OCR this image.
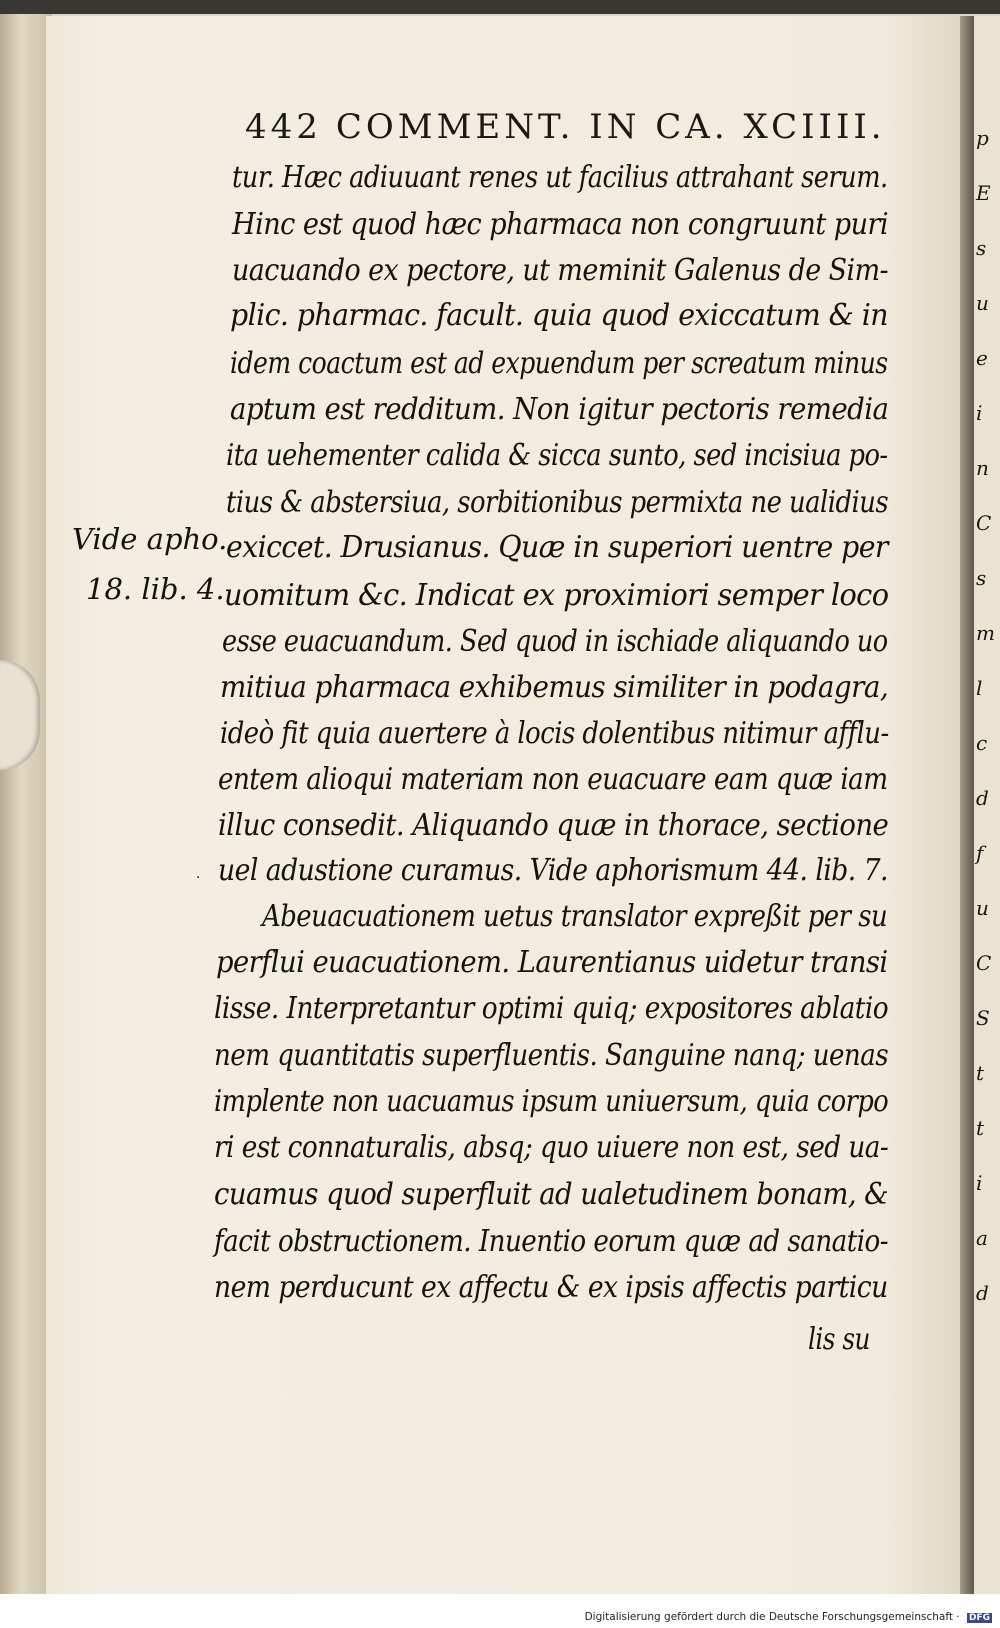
p
E
s
u
e
i
n
C
s
m
l
c
d
f
u
C
S
t
t
i
a
d
442 COMMENT. IN CA. XCIIII.
tur. Hæc adiuuant renes ut facilius attrahant serum.
Hinc est quod hæc pharmaca non congruunt puri
uacuando ex pectore, ut meminit Galenus de Sim-
plic. pharmac. facult. quia quod exiccatum & in
idem coactum est ad expuendum per screatum minus
aptum est redditum. Non igitur pectoris remedia
ita uehementer calida & sicca sunto, sed incisiua po-
tius & abstersiua, sorbitionibus permixta ne ualidius
exiccet. Drusianus. Quæ in superiori uentre per
uomitum &c. Indicat ex proximiori semper loco
esse euacuandum. Sed quod in ischiade aliquando uo
mitiua pharmaca exhibemus similiter in podagra,
ideò fit quia auertere à locis dolentibus nitimur afflu-
entem alioqui materiam non euacuare eam quæ iam
illuc consedit. Aliquando quæ in thorace, sectione
uel adustione curamus. Vide aphorismum 44. lib. 7.
Abeuacuationem uetus translator expreßit per su
perflui euacuationem. Laurentianus uidetur transi
lisse. Interpretantur optimi quiq; expositores ablatio
nem quantitatis superfluentis. Sanguine nanq; uenas
implente non uacuamus ipsum uniuersum, quia corpo
ri est connaturalis, absq; quo uiuere non est, sed ua-
cuamus quod superfluit ad ualetudinem bonam, &
facit obstructionem. Inuentio eorum quæ ad sanatio-
nem perducunt ex affectu & ex ipsis affectis particu
Vide apho.
18. lib. 4.
lis su
·
Digitalisierung gefördert durch die Deutsche Forschungsgemeinschaft · DFG
